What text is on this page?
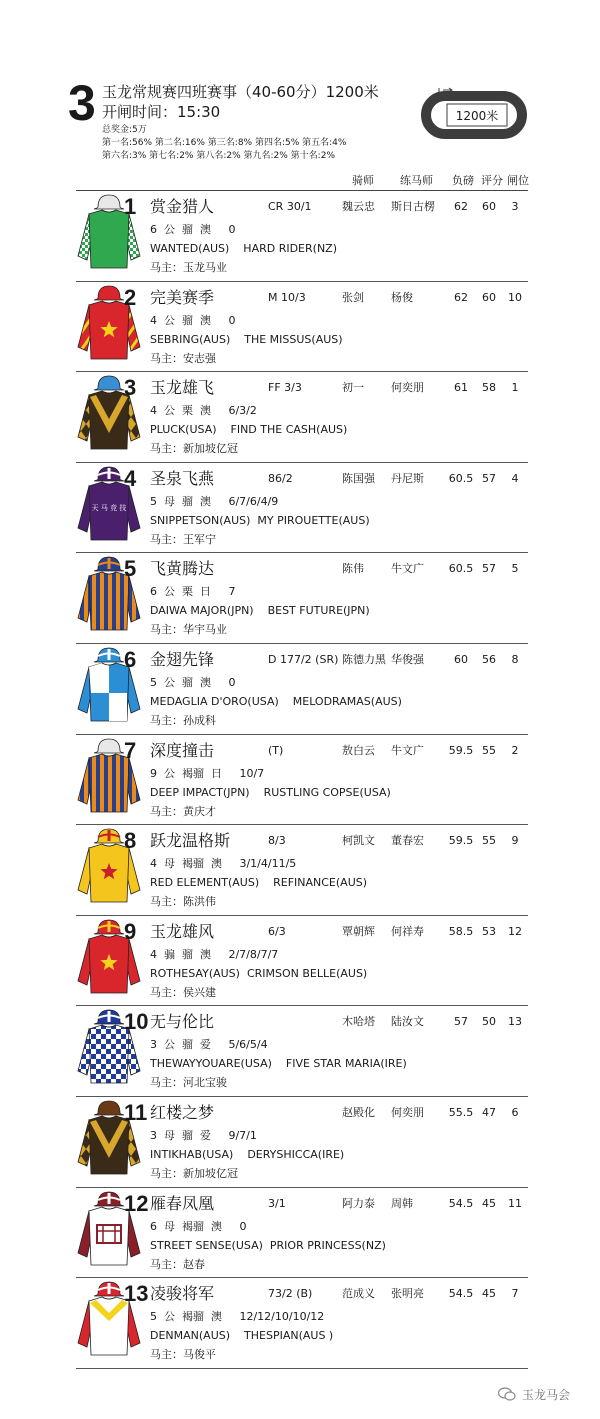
3 玉龙常规赛四班赛事（40-60分）1200米
开闸时间：15:30
总奖金:5万
第一名:56% 第二名:16% 第三名:8% 第四名:5% 第五名:4%
第六名:3% 第七名:2% 第八名:2% 第九名:2% 第十名:2%
1200米
骑师 练马师 负磅 评分 闸位
1 赏金猎人	CR 30/1	魏云忠 斯日古楞	62	60	3
6  公  骝  澳     0
WANTED(AUS)    HARD RIDER(NZ)
马主：玉龙马业
2 完美赛季	M 10/3	张剑 杨俊	62	60	10
4  公  骝  澳     0
SEBRING(AUS)    THE MISSUS(AUS)
马主：安志强
3 玉龙雄飞	FF 3/3	初一 何奕朋	61	58	1
4  公  栗  澳     6/3/2
PLUCK(USA)    FIND THE CASH(AUS)
马主：新加坡亿冠
天 马 竞 技
4 圣泉飞燕	86/2	陈国强 丹尼斯 60.5 57	4
5  母  骝  澳     6/7/6/4/9
SNIPPETSON(AUS)  MY PIROUETTE(AUS)
马主：王军宁
5 飞黄腾达	陈伟 牛文广 60.5 57	5
6  公  栗  日     7
DAIWA MAJOR(JPN)    BEST FUTURE(JPN)
马主：华宇马业
6 金翅先锋	D 177/2 (SR) 陈德力黑 华俊强	60	56	8
5  公  骝  澳     0
MEDAGLIA D'ORO(USA)    MELODRAMAS(AUS)
马主：孙成科
7 深度撞击	(T)	敖白云 牛文广 59.5 55	2
9  公  褐骝  日     10/7
DEEP IMPACT(JPN)    RUSTLING COPSE(USA)
马主：黄庆才
8 跃龙温格斯	8/3	柯凯文 董春宏 59.5 55	9
4  母  褐骝  澳     3/1/4/11/5
RED ELEMENT(AUS)    REFINANCE(AUS)
马主：陈洪伟
9 玉龙雄风	6/3	覃朝辉 何祥寿 58.5 53	12
4  骟  骝  澳     2/7/8/7/7
ROTHESAY(AUS)  CRIMSON BELLE(AUS)
马主：侯兴建
10 无与伦比	木哈塔 陆汝文	57	50	13
3  公  骝  爱     5/6/5/4
THEWAYYOUARE(USA)    FIVE STAR MARIA(IRE)
马主：河北宝骏
11 红楼之梦	赵殿化 何奕朋 55.5 47	6
3  母  骝  爱     9/7/1
INTIKHAB(USA)    DERYSHICCA(IRE)
马主：新加坡亿冠
12 雁春凤凰	3/1	阿力泰 周韩	54.5 45	11
6  母  褐骝  澳     0
STREET SENSE(USA)  PRIOR PRINCESS(NZ)
马主：赵春
13 凌骏将军	73/2 (B)	范成义 张明亮 54.5 45	7
5  公  褐骝  澳     12/12/10/10/12
DENMAN(AUS)    THESPIAN(AUS )
马主：马俊平
玉龙马会
